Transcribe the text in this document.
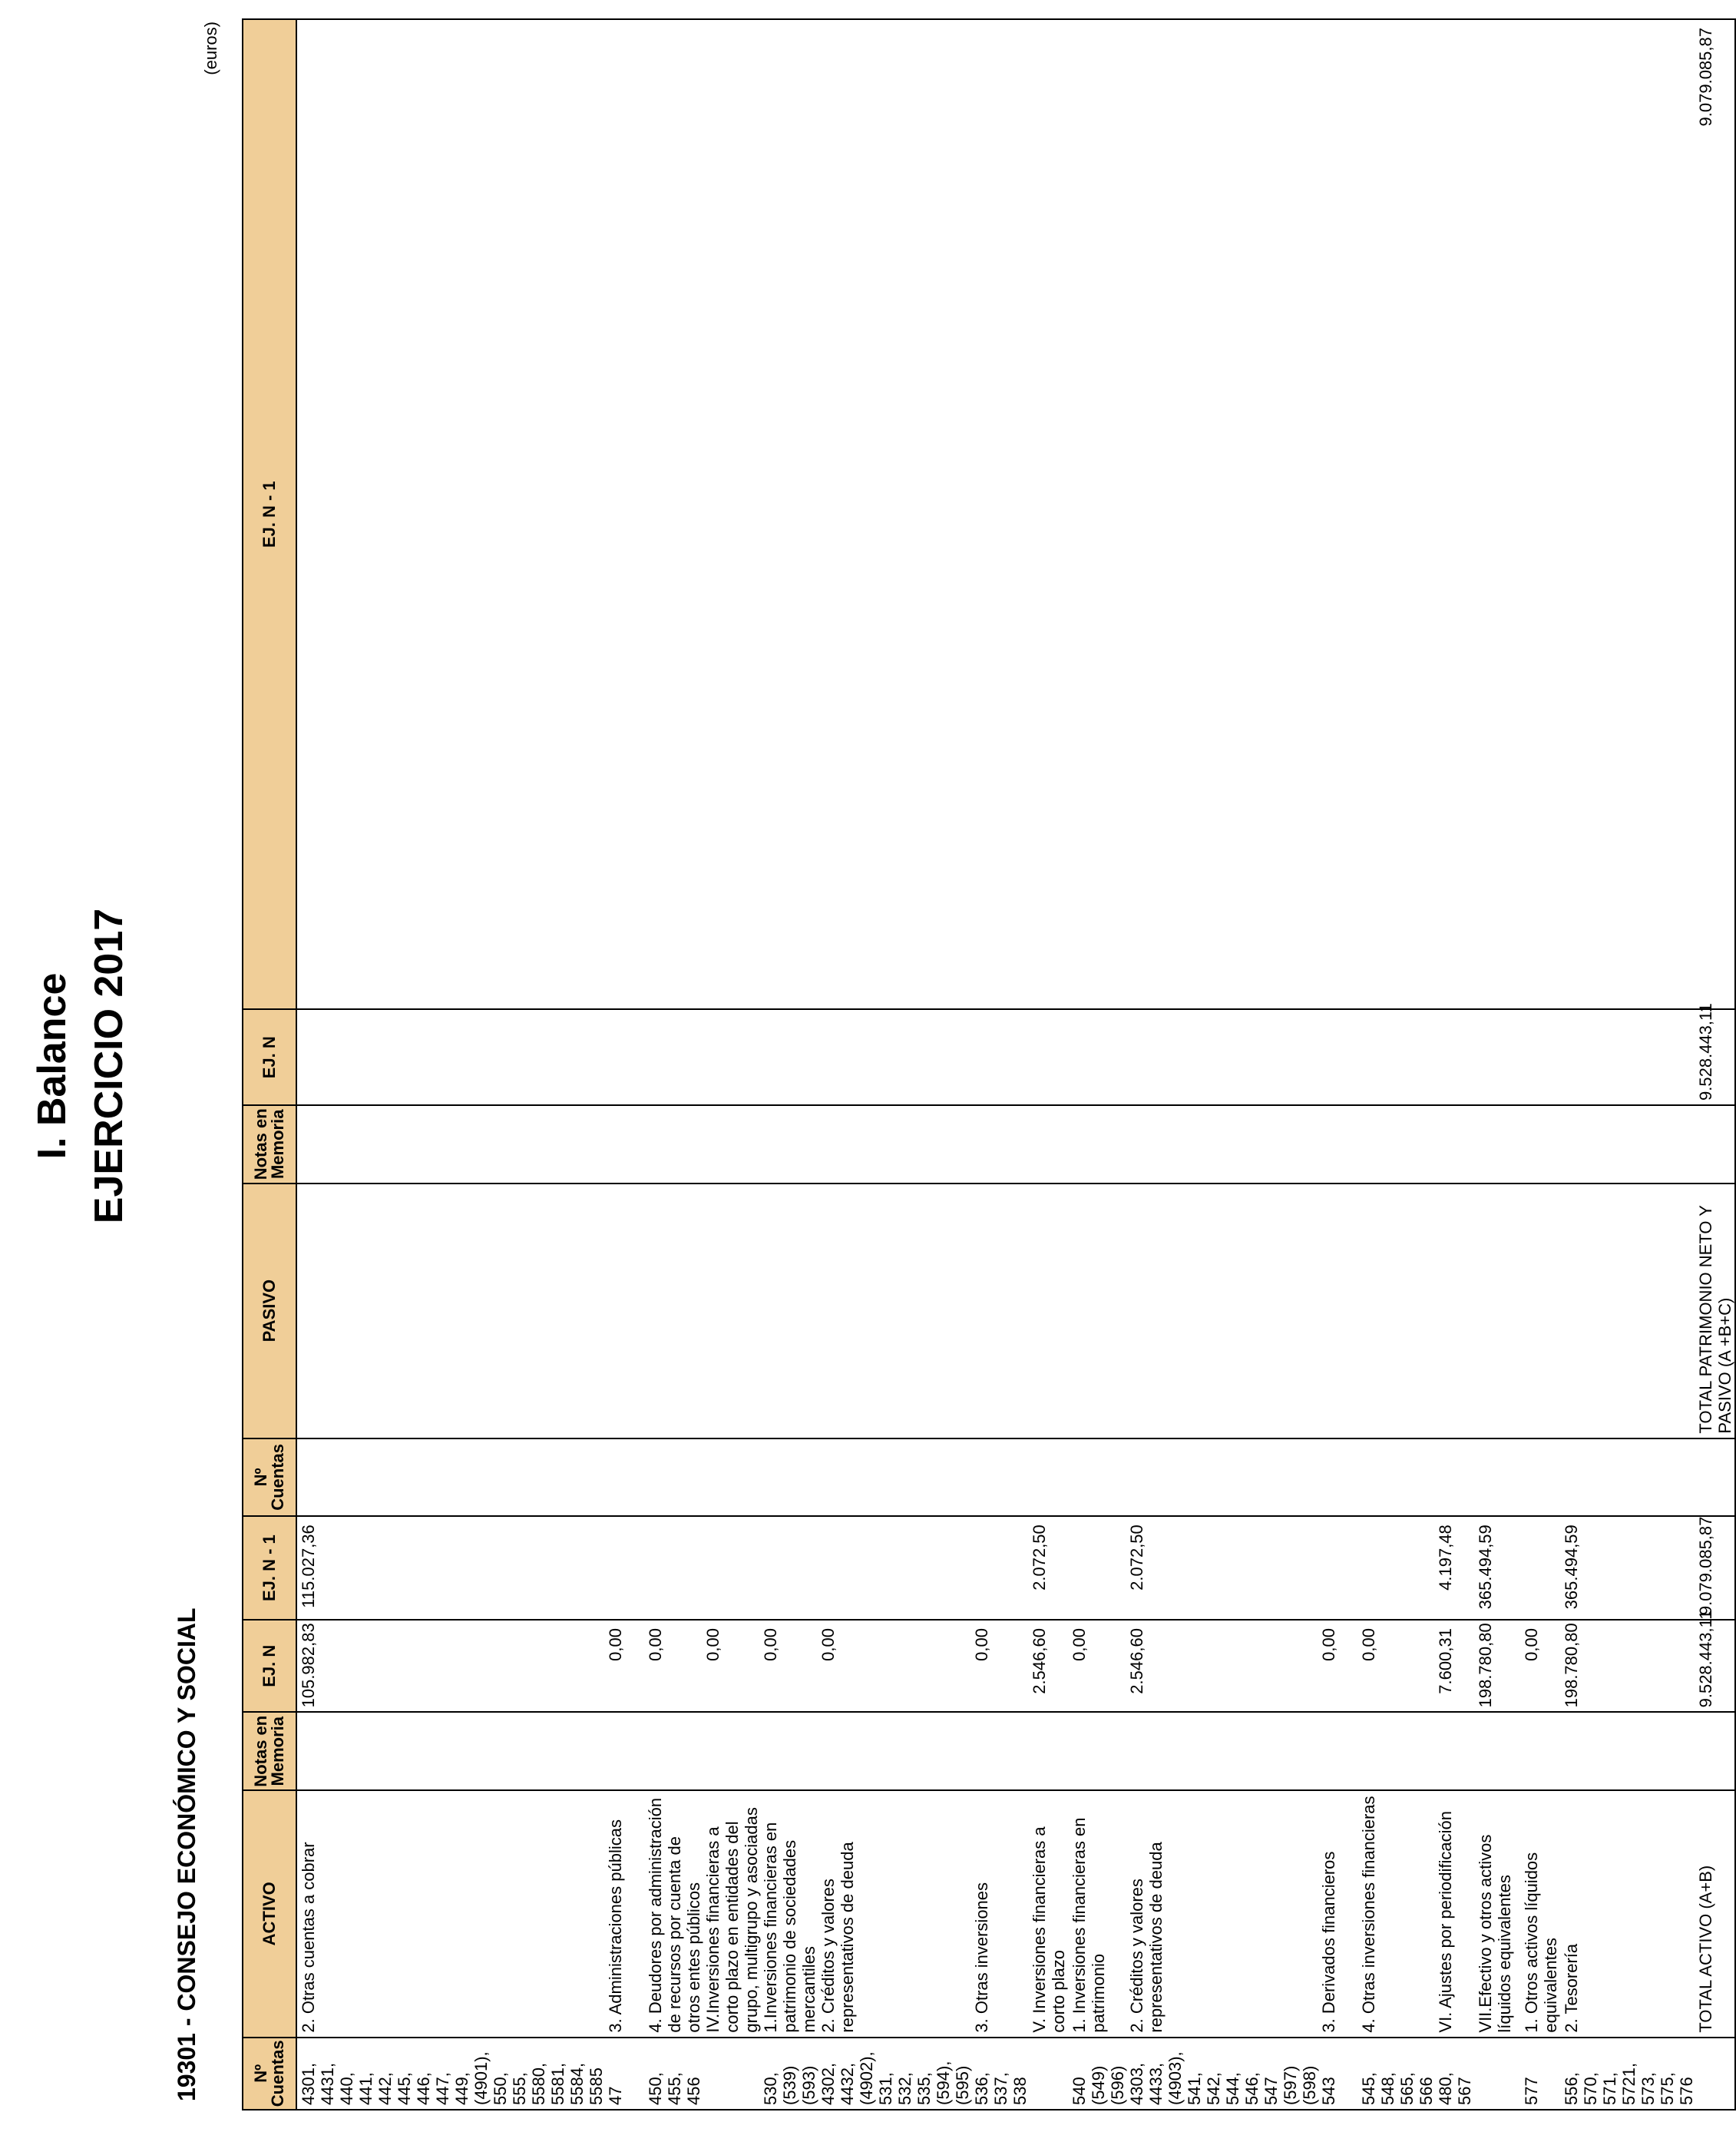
I. Balance EJERCICIO 2017
19301 - CONSEJO ECONÓMICO Y SOCIAL
(euros)
Nº Cuentas	ACTIVO	Notas en Memoria	EJ. N	EJ. N - 1	Nº Cuentas	PASIVO	Notas en Memoria	EJ. N	EJ. N - 1
4301, 4431, 440, 441, 442, 445, 446, 447, 449, (4901), 550, 555, 5580, 5581, 5584, 5585	2. Otras cuentas a cobrar		105.982,83	115.027,36					
47	3. Administraciones públicas		0,00						
450, 455, 456	4. Deudores por administración de recursos por cuenta de otros entes públicos		0,00						
	IV.Inversiones financieras a corto plazo en entidades del grupo, multigrupo y asociadas		0,00						
530, (539) (593)	1.Inversiones financieras en patrimonio de sociedades mercantiles		0,00						
4302, 4432, (4902), 531, 532, 535, (594), (595)	2. Créditos y valores representativos de deuda		0,00						
536, 537, 538	3. Otras inversiones		0,00						
	V. Inversiones financieras a corto plazo		2.546,60	2.072,50					
540 (549) (596)	1. Inversiones financieras en patrimonio		0,00						
4303, 4433, (4903), 541, 542, 544, 546, 547 (597) (598)	2. Créditos y valores representativos de deuda		2.546,60	2.072,50					
543	3. Derivados financieros		0,00						
545, 548, 565, 566	4. Otras inversiones financieras		0,00						
480, 567	VI. Ajustes por periodificación		7.600,31	4.197,48					
	VII.Efectivo y otros activos líquidos equivalentes		198.780,80	365.494,59					
577	1. Otros activos líquidos equivalentes		0,00						
556, 570, 571, 5721, 573, 575, 576	2. Tesorería		198.780,80	365.494,59					
	TOTAL ACTIVO (A+B)		9.528.443,11	9.079.085,87		TOTAL PATRIMONIO NETO Y PASIVO (A +B+C)		9.528.443,11	9.079.085,87
